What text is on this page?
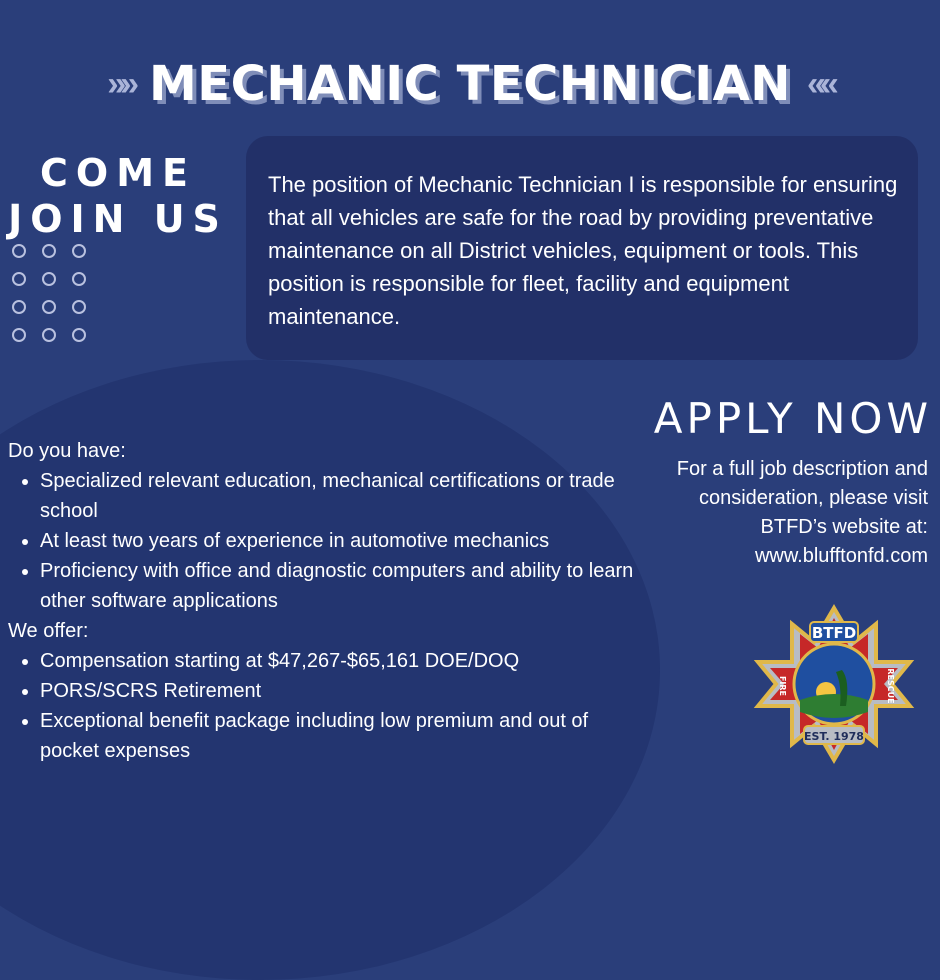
»» MECHANIC TECHNICIAN ««
COME
JOIN US
The position of Mechanic Technician I is responsible for ensuring that all vehicles are safe for the road by providing preventative maintenance on all District vehicles, equipment or tools. This position is responsible for fleet, facility and equipment maintenance.
APPLY NOW
For a full job description and
consideration, please visit
BTFD’s website at:
www.blufftonfd.com
Do you have:
• Specialized relevant education, mechanical certifications or trade school
• At least two years of experience in automotive mechanics
• Proficiency with office and diagnostic computers and ability to learn other software applications
We offer:
• Compensation starting at $47,267-$65,161 DOE/DOQ
• PORS/SCRS Retirement
• Exceptional benefit package including low premium and out of pocket expenses
BTFD
FIRE	RESCUE
EST. 1978
